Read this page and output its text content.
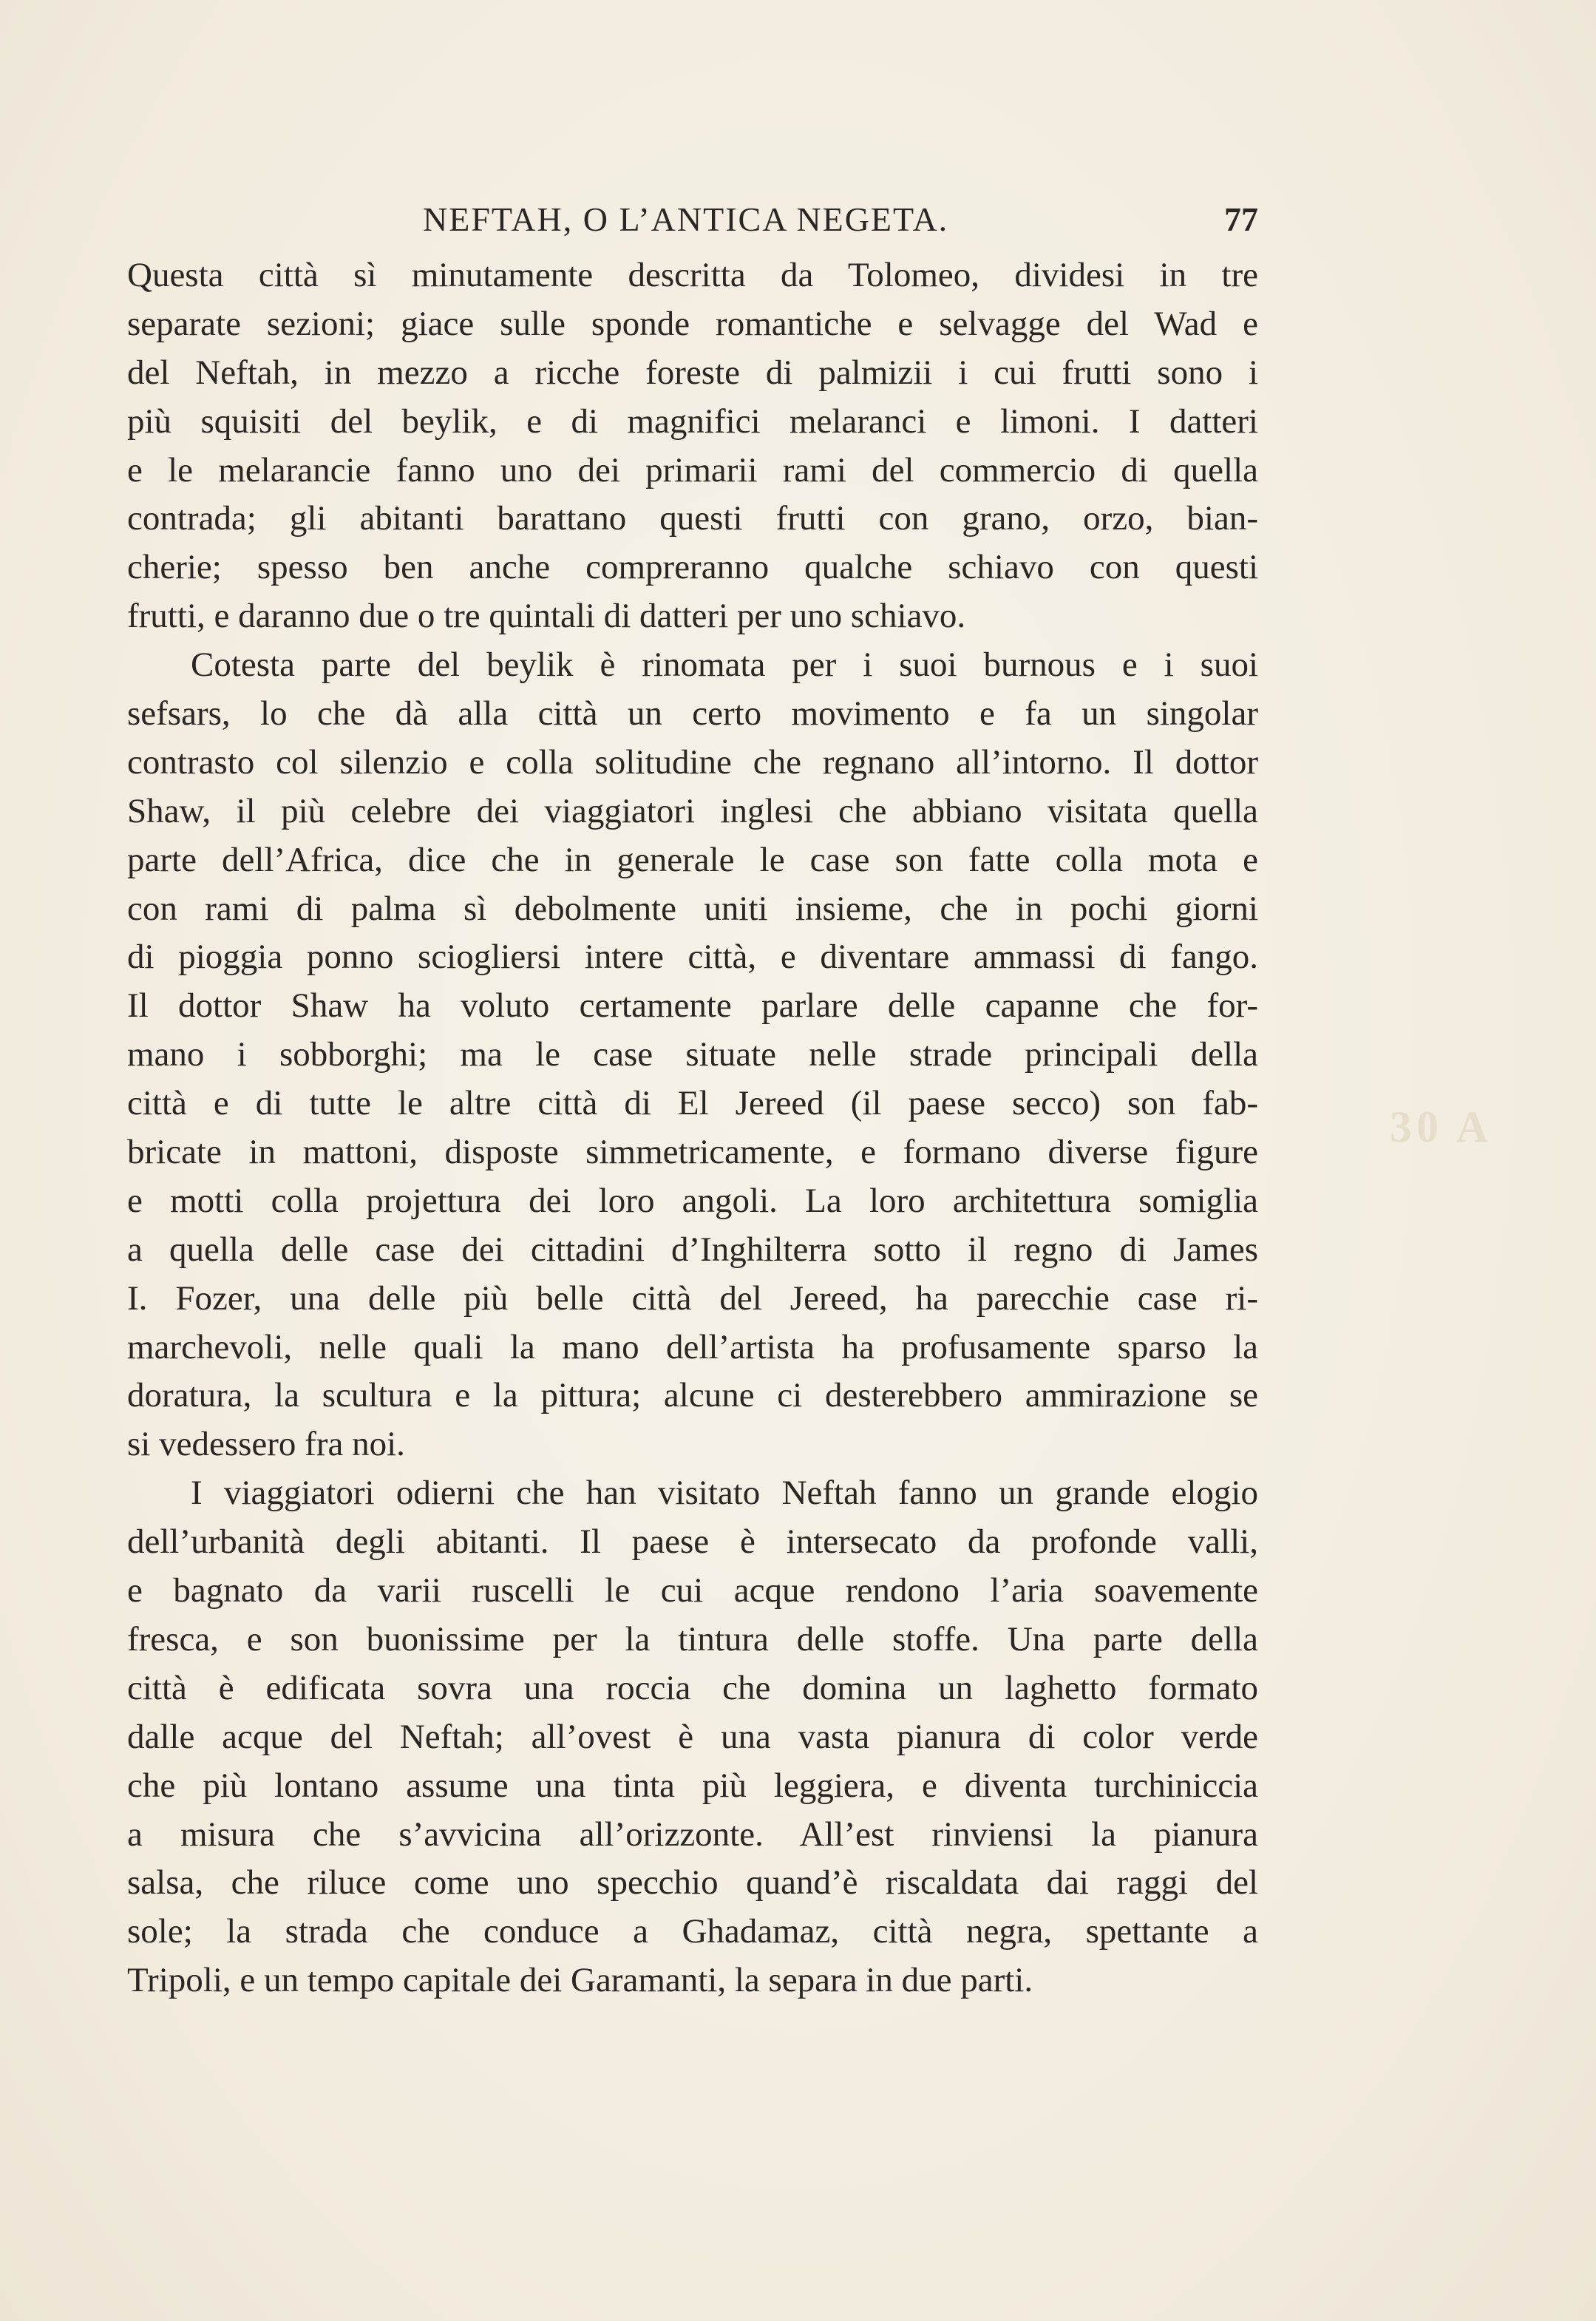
30 A
NEFTAH, O L’ANTICA NEGETA.	77
Questa città sì minutamente descritta da Tolomeo, dividesi in tre
separate sezioni; giace sulle sponde romantiche e selvagge del Wad e
del Neftah, in mezzo a ricche foreste di palmizii i cui frutti sono i
più squisiti del beylik, e di magnifici melaranci e limoni. I datteri
e le melarancie fanno uno dei primarii rami del commercio di quella
contrada; gli abitanti barattano questi frutti con grano, orzo, bian-
cherie; spesso ben anche compreranno qualche schiavo con questi
frutti, e daranno due o tre quintali di datteri per uno schiavo.
Cotesta parte del beylik è rinomata per i suoi burnous e i suoi
sefsars, lo che dà alla città un certo movimento e fa un singolar
contrasto col silenzio e colla solitudine che regnano all’intorno. Il dottor
Shaw, il più celebre dei viaggiatori inglesi che abbiano visitata quella
parte dell’Africa, dice che in generale le case son fatte colla mota e
con rami di palma sì debolmente uniti insieme, che in pochi giorni
di pioggia ponno sciogliersi intere città, e diventare ammassi di fango.
Il dottor Shaw ha voluto certamente parlare delle capanne che for-
mano i sobborghi; ma le case situate nelle strade principali della
città e di tutte le altre città di El Jereed (il paese secco) son fab-
bricate in mattoni, disposte simmetricamente, e formano diverse figure
e motti colla projettura dei loro angoli. La loro architettura somiglia
a quella delle case dei cittadini d’Inghilterra sotto il regno di James
I. Fozer, una delle più belle città del Jereed, ha parecchie case ri-
marchevoli, nelle quali la mano dell’artista ha profusamente sparso la
doratura, la scultura e la pittura; alcune ci desterebbero ammirazione se
si vedessero fra noi.
I viaggiatori odierni che han visitato Neftah fanno un grande elogio
dell’urbanità degli abitanti. Il paese è intersecato da profonde valli,
e bagnato da varii ruscelli le cui acque rendono l’aria soavemente
fresca, e son buonissime per la tintura delle stoffe. Una parte della
città è edificata sovra una roccia che domina un laghetto formato
dalle acque del Neftah; all’ovest è una vasta pianura di color verde
che più lontano assume una tinta più leggiera, e diventa turchiniccia
a misura che s’avvicina all’orizzonte. All’est rinviensi la pianura
salsa, che riluce come uno specchio quand’è riscaldata dai raggi del
sole; la strada che conduce a Ghadamaz, città negra, spettante a
Tripoli, e un tempo capitale dei Garamanti, la separa in due parti.
